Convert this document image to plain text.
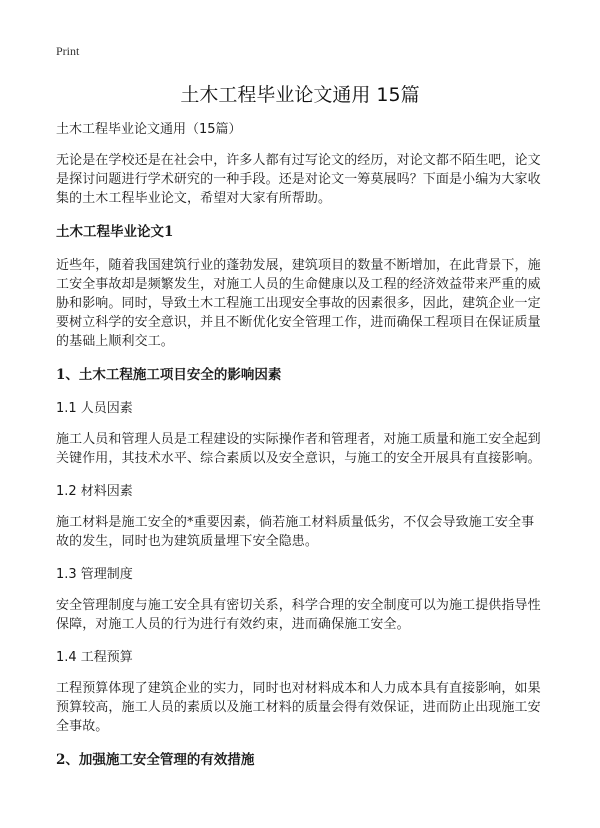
Print
土木工程毕业论文通用 15篇
土木工程毕业论文通用（15篇）

无论是在学校还是在社会中，许多人都有过写论文的经历，对论文都不陌生吧，论文是探讨问题进行学术研究的一种手段。还是对论文一筹莫展吗？下面是小编为大家收集的土木工程毕业论文，希望对大家有所帮助。

土木工程毕业论文1

近些年，随着我国建筑行业的蓬勃发展，建筑项目的数量不断增加，在此背景下，施工安全事故却是频繁发生，对施工人员的生命健康以及工程的经济效益带来严重的威胁和影响。同时，导致土木工程施工出现安全事故的因素很多，因此，建筑企业一定要树立科学的安全意识，并且不断优化安全管理工作，进而确保工程项目在保证质量的基础上顺利交工。

1、土木工程施工项目安全的影响因素
1.1 人员因素

施工人员和管理人员是工程建设的实际操作者和管理者，对施工质量和施工安全起到关键作用，其技术水平、综合素质以及安全意识，与施工的安全开展具有直接影响。

1.2 材料因素

施工材料是施工安全的*重要因素，倘若施工材料质量低劣，不仅会导致施工安全事故的发生，同时也为建筑质量埋下安全隐患。

1.3 管理制度

安全管理制度与施工安全具有密切关系，科学合理的安全制度可以为施工提供指导性保障，对施工人员的行为进行有效约束，进而确保施工安全。

1.4 工程预算

工程预算体现了建筑企业的实力，同时也对材料成本和人力成本具有直接影响，如果预算较高，施工人员的素质以及施工材料的质量会得有效保证，进而防止出现施工安全事故。

2、加强施工安全管理的有效措施
